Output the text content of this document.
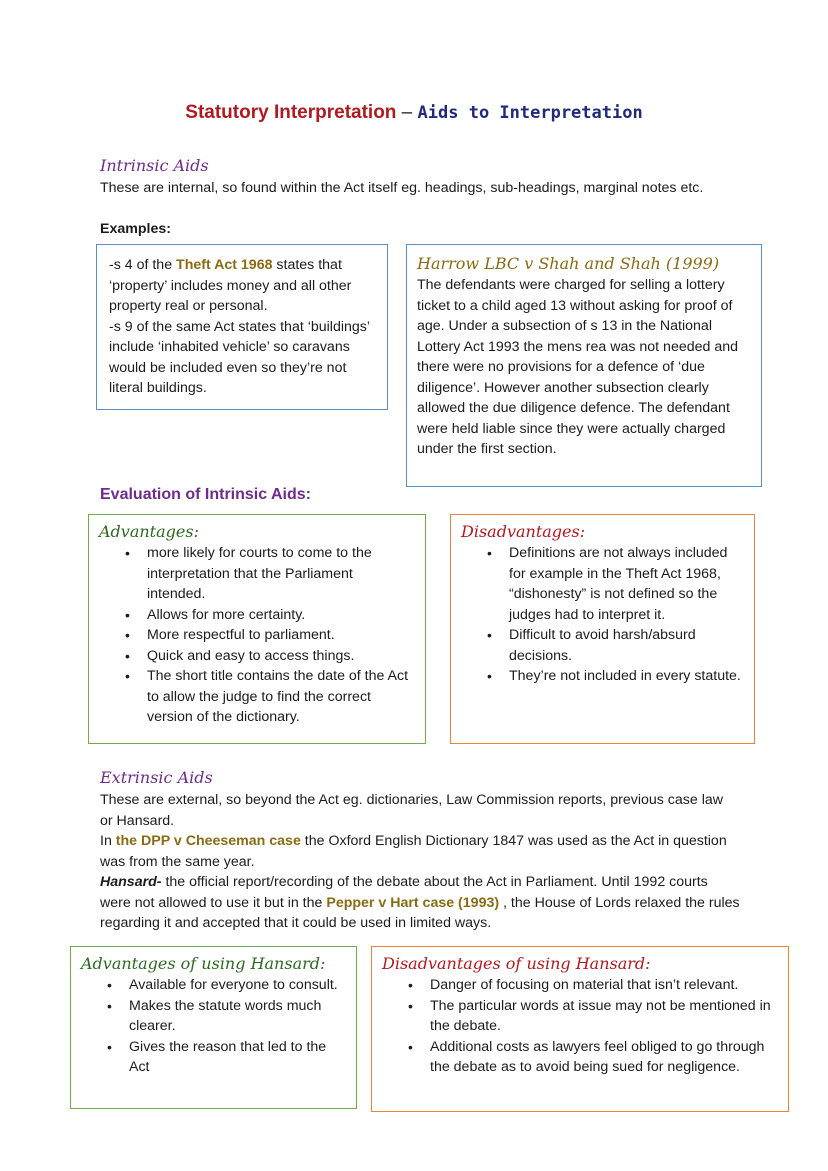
Statutory Interpretation – Aids to Interpretation
Intrinsic Aids
These are internal, so found within the Act itself eg. headings, sub-headings, marginal notes etc.
Examples:
-s 4 of the Theft Act 1968 states that ‘property’ includes money and all other property real or personal.
-s 9 of the same Act states that ‘buildings’ include ‘inhabited vehicle’ so caravans would be included even so they’re not literal buildings.
Harrow LBC v Shah and Shah (1999)
The defendants were charged for selling a lottery ticket to a child aged 13 without asking for proof of age. Under a subsection of s 13 in the National Lottery Act 1993 the mens rea was not needed and there were no provisions for a defence of ‘due diligence’. However another subsection clearly allowed the due diligence defence. The defendant were held liable since they were actually charged under the first section.
Evaluation of Intrinsic Aids:
Advantages:
• more likely for courts to come to the interpretation that the Parliament intended.
• Allows for more certainty.
• More respectful to parliament.
• Quick and easy to access things.
• The short title contains the date of the Act to allow the judge to find the correct version of the dictionary.
Disadvantages:
• Definitions are not always included for example in the Theft Act 1968, “dishonesty” is not defined so the judges had to interpret it.
• Difficult to avoid harsh/absurd decisions.
• They’re not included in every statute.
Extrinsic Aids
These are external, so beyond the Act eg. dictionaries, Law Commission reports, previous case law or Hansard.
In the DPP v Cheeseman case the Oxford English Dictionary 1847 was used as the Act in question was from the same year.
Hansard- the official report/recording of the debate about the Act in Parliament. Until 1992 courts were not allowed to use it but in the Pepper v Hart case (1993) , the House of Lords relaxed the rules regarding it and accepted that it could be used in limited ways.
Advantages of using Hansard:
• Available for everyone to consult.
• Makes the statute words much clearer.
• Gives the reason that led to the Act
Disadvantages of using Hansard:
• Danger of focusing on material that isn’t relevant.
• The particular words at issue may not be mentioned in the debate.
• Additional costs as lawyers feel obliged to go through the debate as to avoid being sued for negligence.
